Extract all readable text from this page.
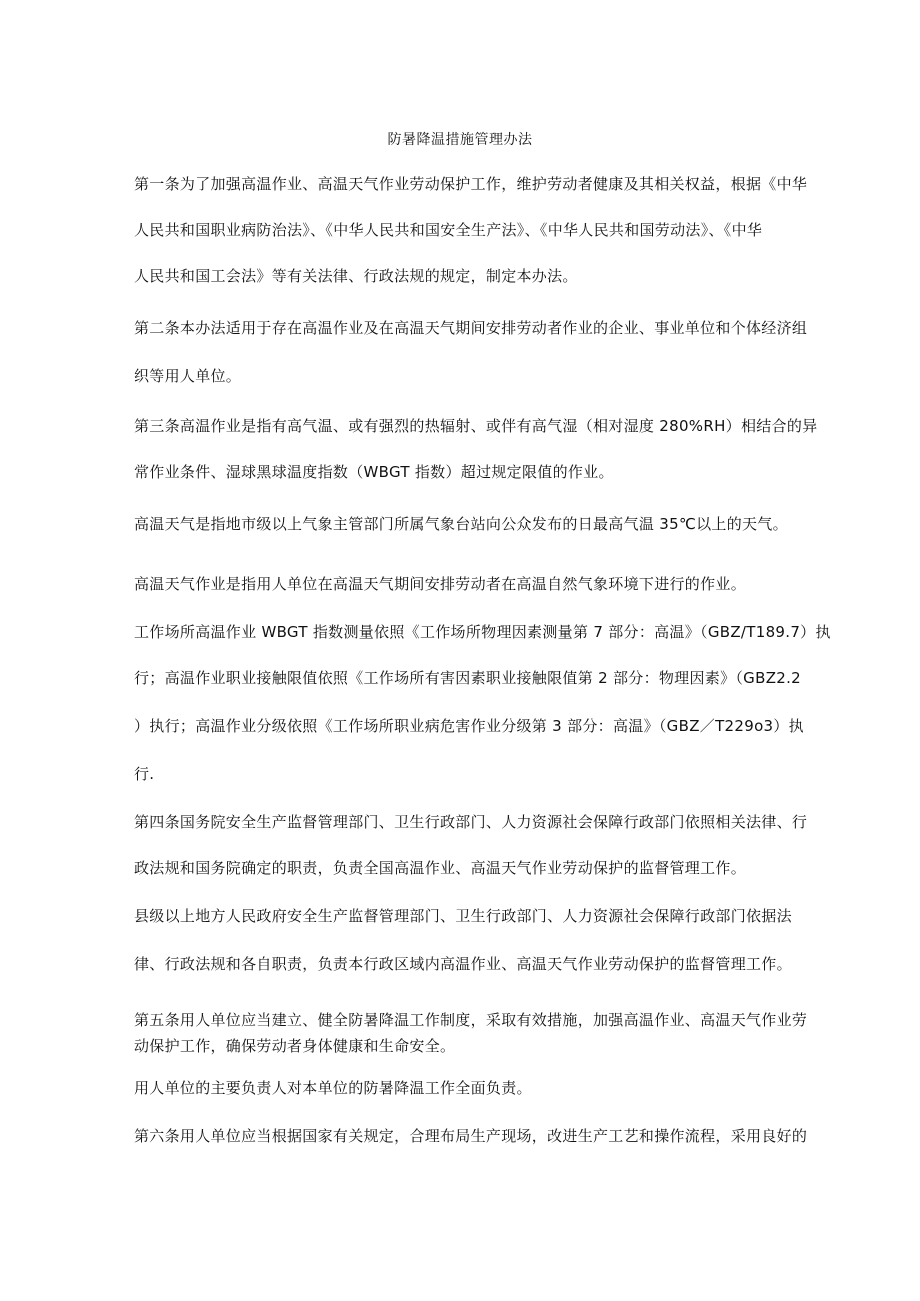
防暑降温措施管理办法
第一条为了加强高温作业、高温天气作业劳动保护工作，维护劳动者健康及其相关权益，根据《中华
人民共和国职业病防治法》、《中华人民共和国安全生产法》、《中华人民共和国劳动法》、《中华
人民共和国工会法》等有关法律、行政法规的规定，制定本办法。
第二条本办法适用于存在高温作业及在高温天气期间安排劳动者作业的企业、事业单位和个体经济组
织等用人单位。
第三条高温作业是指有高气温、或有强烈的热辐射、或伴有高气湿（相对湿度 280%RH）相结合的异
常作业条件、湿球黑球温度指数（WBGT 指数）超过规定限值的作业。
高温天气是指地市级以上气象主管部门所属气象台站向公众发布的日最高气温 35℃以上的天气。
高温天气作业是指用人单位在高温天气期间安排劳动者在高温自然气象环境下进行的作业。
工作场所高温作业 WBGT 指数测量依照《工作场所物理因素测量第 7 部分：高温》（GBZ/T189.7）执
行；高温作业职业接触限值依照《工作场所有害因素职业接触限值第 2 部分：物理因素》（GBZ2.2
）执行；高温作业分级依照《工作场所职业病危害作业分级第 3 部分：高温》（GBZ／T229o3）执
行.
第四条国务院安全生产监督管理部门、卫生行政部门、人力资源社会保障行政部门依照相关法律、行
政法规和国务院确定的职责，负责全国高温作业、高温天气作业劳动保护的监督管理工作。
县级以上地方人民政府安全生产监督管理部门、卫生行政部门、人力资源社会保障行政部门依据法
律、行政法规和各自职责，负责本行政区域内高温作业、高温天气作业劳动保护的监督管理工作。
第五条用人单位应当建立、健全防暑降温工作制度，采取有效措施，加强高温作业、高温天气作业劳
动保护工作，确保劳动者身体健康和生命安全。
用人单位的主要负责人对本单位的防暑降温工作全面负责。
第六条用人单位应当根据国家有关规定，合理布局生产现场，改进生产工艺和操作流程，采用良好的
